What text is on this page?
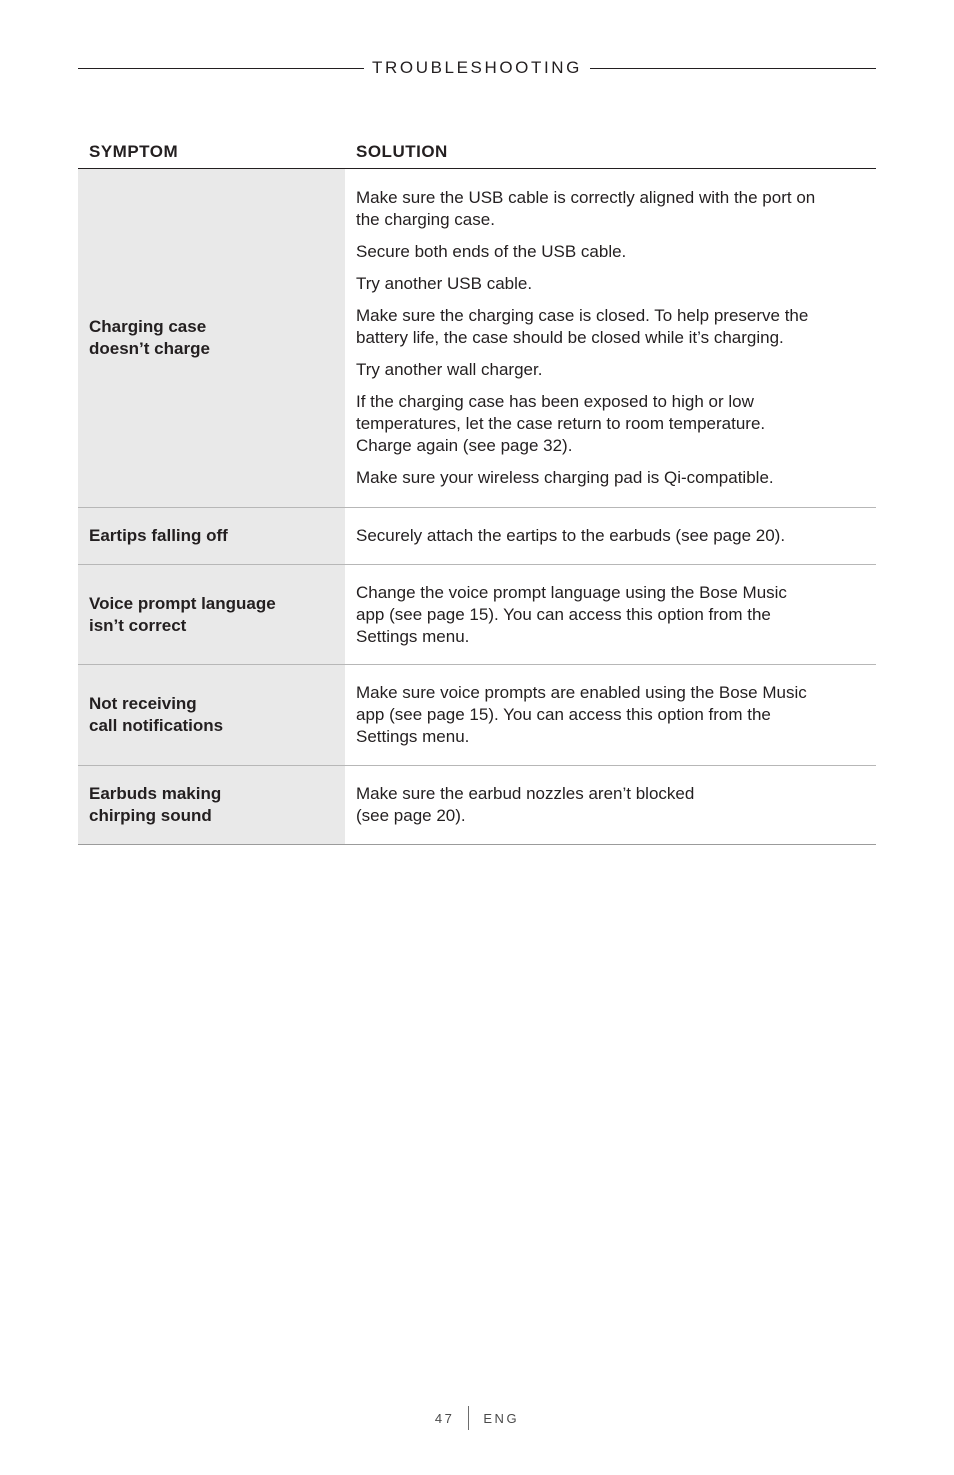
TROUBLESHOOTING
SYMPTOM	SOLUTION
Charging case
doesn’t charge

Make sure the USB cable is correctly aligned with the port on
the charging case.

Secure both ends of the USB cable.

Try another USB cable.

Make sure the charging case is closed. To help preserve the
battery life, the case should be closed while it’s charging.

Try another wall charger.

If the charging case has been exposed to high or low
temperatures, let the case return to room temperature.
Charge again (see page 32).

Make sure your wireless charging pad is Qi-compatible.

Eartips falling off	Securely attach the eartips to the earbuds (see page 20).

Voice prompt language
isn’t correct

Change the voice prompt language using the Bose Music
app (see page 15). You can access this option from the
Settings menu.

Not receiving
call notifications

Make sure voice prompts are enabled using the Bose Music
app (see page 15). You can access this option from the
Settings menu.

Earbuds making
chirping sound

Make sure the earbud nozzles aren’t blocked
(see page 20).

47 ENG
